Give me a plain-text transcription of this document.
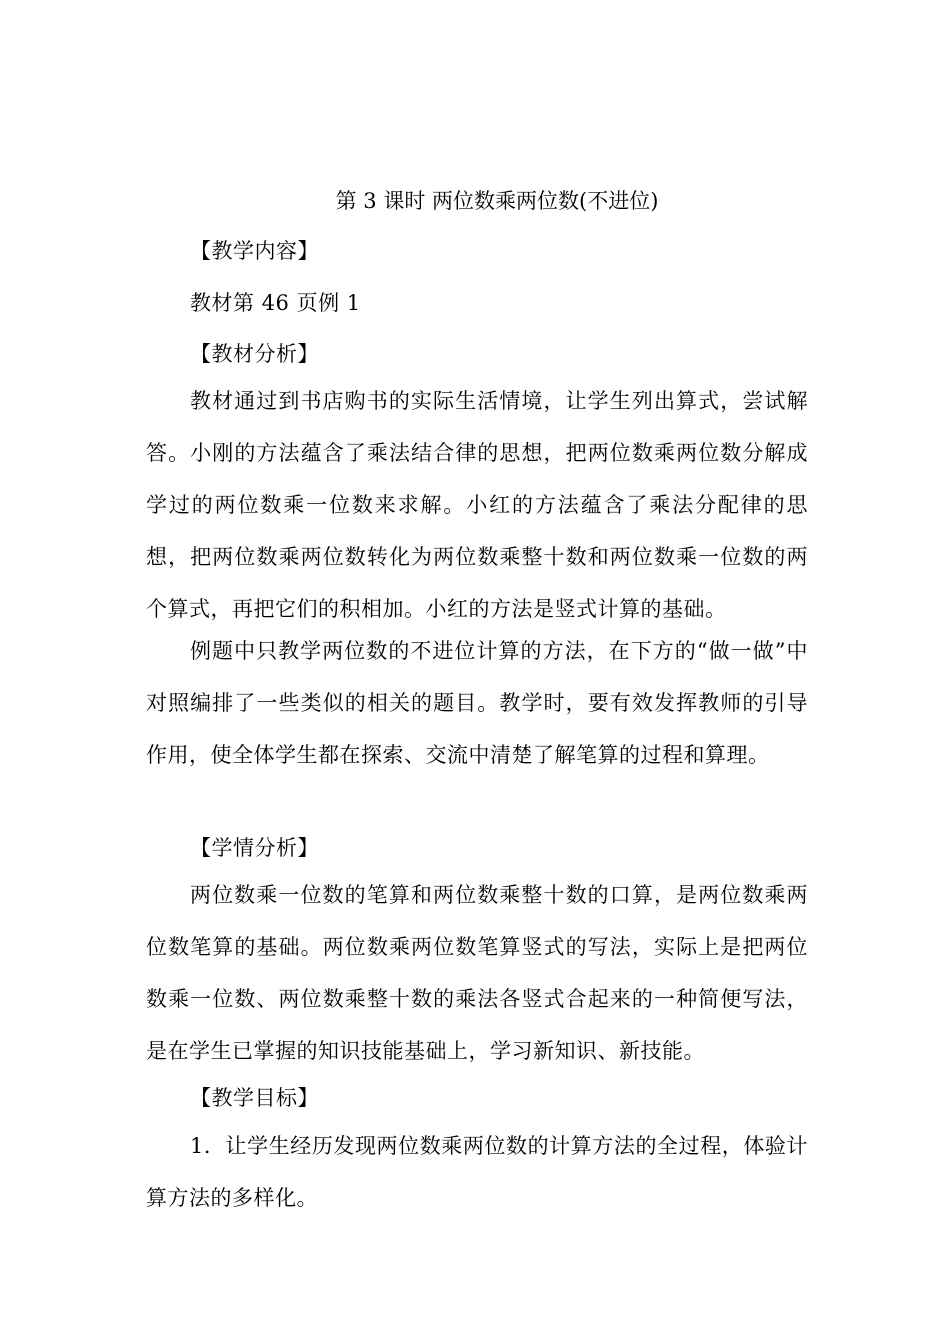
第 3 课时 两位数乘两位数(不进位)
【教学内容】
教材第 46 页例 1
【教材分析】
教材通过到书店购书的实际生活情境，让学生列出算式，尝试解答。小刚的方法蕴含了乘法结合律的思想，把两位数乘两位数分解成学过的两位数乘一位数来求解。小红的方法蕴含了乘法分配律的思想，把两位数乘两位数转化为两位数乘整十数和两位数乘一位数的两个算式，再把它们的积相加。小红的方法是竖式计算的基础。
例题中只教学两位数的不进位计算的方法，在下方的“做一做”中对照编排了一些类似的相关的题目。教学时，要有效发挥教师的引导作用，使全体学生都在探索、交流中清楚了解笔算的过程和算理。
【学情分析】
两位数乘一位数的笔算和两位数乘整十数的口算，是两位数乘两位数笔算的基础。两位数乘两位数笔算竖式的写法，实际上是把两位数乘一位数、两位数乘整十数的乘法各竖式合起来的一种简便写法，是在学生已掌握的知识技能基础上，学习新知识、新技能。
【教学目标】
1．让学生经历发现两位数乘两位数的计算方法的全过程，体验计算方法的多样化。
